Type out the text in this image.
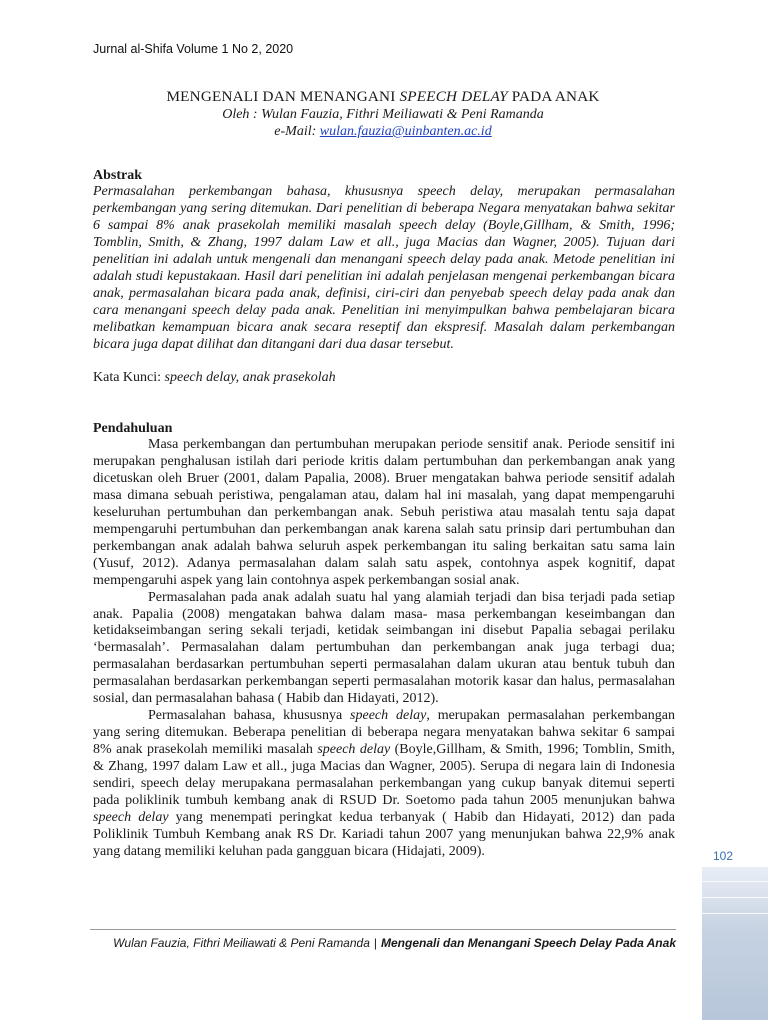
Jurnal al-Shifa Volume 1 No 2, 2020
MENGENALI DAN MENANGANI SPEECH DELAY PADA ANAK
Oleh : Wulan Fauzia, Fithri Meiliawati & Peni Ramanda
e-Mail: wulan.fauzia@uinbanten.ac.id
Abstrak

Permasalahan perkembangan bahasa, khususnya speech delay, merupakan permasalahan perkembangan yang sering ditemukan. Dari penelitian di beberapa Negara menyatakan bahwa sekitar 6 sampai 8% anak prasekolah memiliki masalah speech delay (Boyle,Gillham, & Smith, 1996; Tomblin, Smith, & Zhang, 1997 dalam Law et all., juga Macias dan Wagner, 2005). Tujuan dari penelitian ini adalah untuk mengenali dan menangani speech delay pada anak. Metode penelitian ini adalah studi kepustakaan. Hasil dari penelitian ini adalah penjelasan mengenai perkembangan bicara anak, permasalahan bicara pada anak, definisi, ciri-ciri dan penyebab speech delay pada anak dan cara menangani speech delay pada anak. Penelitian ini menyimpulkan bahwa pembelajaran bicara melibatkan kemampuan bicara anak secara reseptif dan ekspresif. Masalah dalam perkembangan bicara juga dapat dilihat dan ditangani dari dua dasar tersebut.

Kata Kunci: speech delay, anak prasekolah
Pendahuluan

Masa perkembangan dan pertumbuhan merupakan periode sensitif anak. Periode sensitif ini merupakan penghalusan istilah dari periode kritis dalam pertumbuhan dan perkembangan anak yang dicetuskan oleh Bruer (2001, dalam Papalia, 2008). Bruer mengatakan bahwa periode sensitif adalah masa dimana sebuah peristiwa, pengalaman atau, dalam hal ini masalah, yang dapat mempengaruhi keseluruhan pertumbuhan dan perkembangan anak. Sebuh peristiwa atau masalah tentu saja dapat mempengaruhi pertumbuhan dan perkembangan anak karena salah satu prinsip dari pertumbuhan dan perkembangan anak adalah bahwa seluruh aspek perkembangan itu saling berkaitan satu sama lain (Yusuf, 2012). Adanya permasalahan dalam salah satu aspek, contohnya aspek kognitif, dapat mempengaruhi aspek yang lain contohnya aspek perkembangan sosial anak.

Permasalahan pada anak adalah suatu hal yang alamiah terjadi dan bisa terjadi pada setiap anak. Papalia (2008) mengatakan bahwa dalam masa- masa perkembangan keseimbangan dan ketidakseimbangan sering sekali terjadi, ketidak seimbangan ini disebut Papalia sebagai perilaku ‘bermasalah’. Permasalahan dalam pertumbuhan dan perkembangan anak juga terbagi dua; permasalahan berdasarkan pertumbuhan seperti permasalahan dalam ukuran atau bentuk tubuh dan permasalahan berdasarkan perkembangan seperti permasalahan motorik kasar dan halus, permasalahan sosial, dan permasalahan bahasa ( Habib dan Hidayati, 2012).

Permasalahan bahasa, khususnya speech delay, merupakan permasalahan perkembangan yang sering ditemukan. Beberapa penelitian di beberapa negara menyatakan bahwa sekitar 6 sampai 8% anak prasekolah memiliki masalah speech delay (Boyle,Gillham, & Smith, 1996; Tomblin, Smith, & Zhang, 1997 dalam Law et all., juga Macias dan Wagner, 2005). Serupa di negara lain di Indonesia sendiri, speech delay merupakana permasalahan perkembangan yang cukup banyak ditemui seperti pada poliklinik tumbuh kembang anak di RSUD Dr. Soetomo pada tahun 2005 menunjukan bahwa speech delay yang menempati peringkat kedua terbanyak ( Habib dan Hidayati, 2012) dan pada Poliklinik Tumbuh Kembang anak RS Dr. Kariadi tahun 2007 yang menunjukan bahwa 22,9% anak yang datang memiliki keluhan pada gangguan bicara (Hidajati, 2009).	102
Wulan Fauzia, Fithri Meiliawati & Peni Ramanda | Mengenali dan Menangani Speech Delay Pada Anak
